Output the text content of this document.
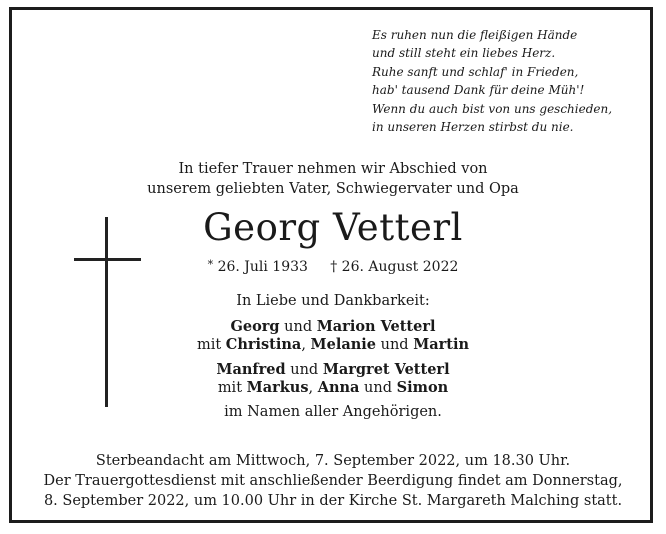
Es ruhen nun die fleißigen Hände
und still steht ein liebes Herz.
Ruhe sanft und schlaf' in Frieden,
hab' tausend Dank für deine Müh'!
Wenn du auch bist von uns geschieden,
in unseren Herzen stirbst du nie.
In tiefer Trauer nehmen wir Abschied von
unserem geliebten Vater, Schwiegervater und Opa
Georg Vetterl
* 26. Juli 1933 † 26. August 2022
In Liebe und Dankbarkeit:
Georg und Marion Vetterl
mit Christina, Melanie und Martin
Manfred und Margret Vetterl
mit Markus, Anna und Simon
im Namen aller Angehörigen.
Sterbeandacht am Mittwoch, 7. September 2022, um 18.30 Uhr.
Der Trauergottesdienst mit anschließender Beerdigung findet am Donnerstag,
8. September 2022, um 10.00 Uhr in der Kirche St. Margareth Malching statt.
